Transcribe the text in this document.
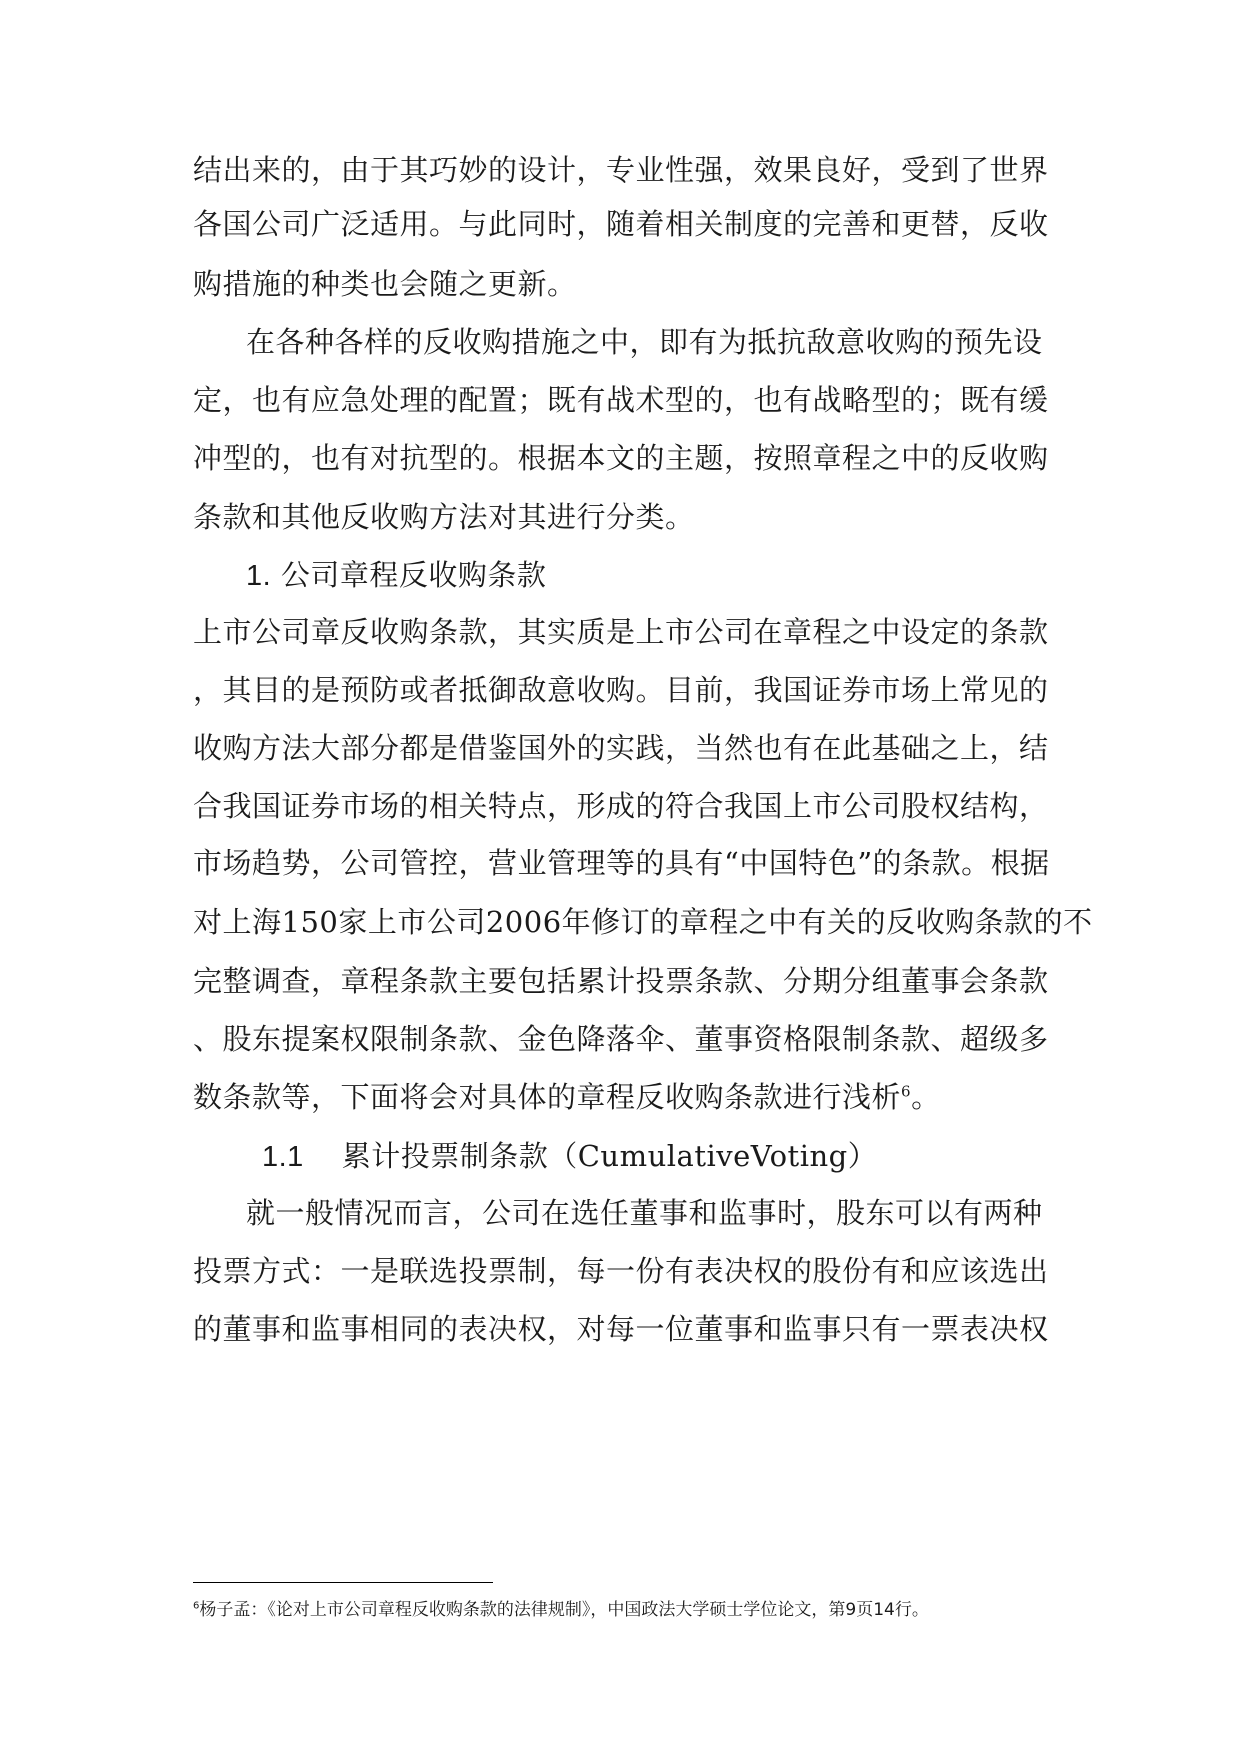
结出来的，由于其巧妙的设计，专业性强，效果良好，受到了世界
各国公司广泛适用。与此同时，随着相关制度的完善和更替，反收
购措施的种类也会随之更新。
在各种各样的反收购措施之中，即有为抵抗敌意收购的预先设
定，也有应急处理的配置；既有战术型的，也有战略型的；既有缓
冲型的，也有对抗型的。根据本文的主题，按照章程之中的反收购
条款和其他反收购方法对其进行分类。
1. 公司章程反收购条款
上市公司章反收购条款，其实质是上市公司在章程之中设定的条款
，其目的是预防或者抵御敌意收购。目前，我国证券市场上常见的
收购方法大部分都是借鉴国外的实践，当然也有在此基础之上，结
合我国证券市场的相关特点，形成的符合我国上市公司股权结构，
市场趋势，公司管控，营业管理等的具有“中国特色”的条款。根据
对上海150家上市公司2006年修订的章程之中有关的反收购条款的不
完整调查，章程条款主要包括累计投票条款、分期分组董事会条款
、股东提案权限制条款、金色降落伞、董事资格限制条款、超级多
数条款等，下面将会对具体的章程反收购条款进行浅析$^6$。
1.1 累计投票制条款（CumulativeVoting）
就一般情况而言，公司在选任董事和监事时，股东可以有两种
投票方式：一是联选投票制，每一份有表决权的股份有和应该选出
的董事和监事相同的表决权，对每一位董事和监事只有一票表决权
$^6$杨子孟：《论对上市公司章程反收购条款的法律规制》，中国政法大学硕士学位论文，第9页14行。
